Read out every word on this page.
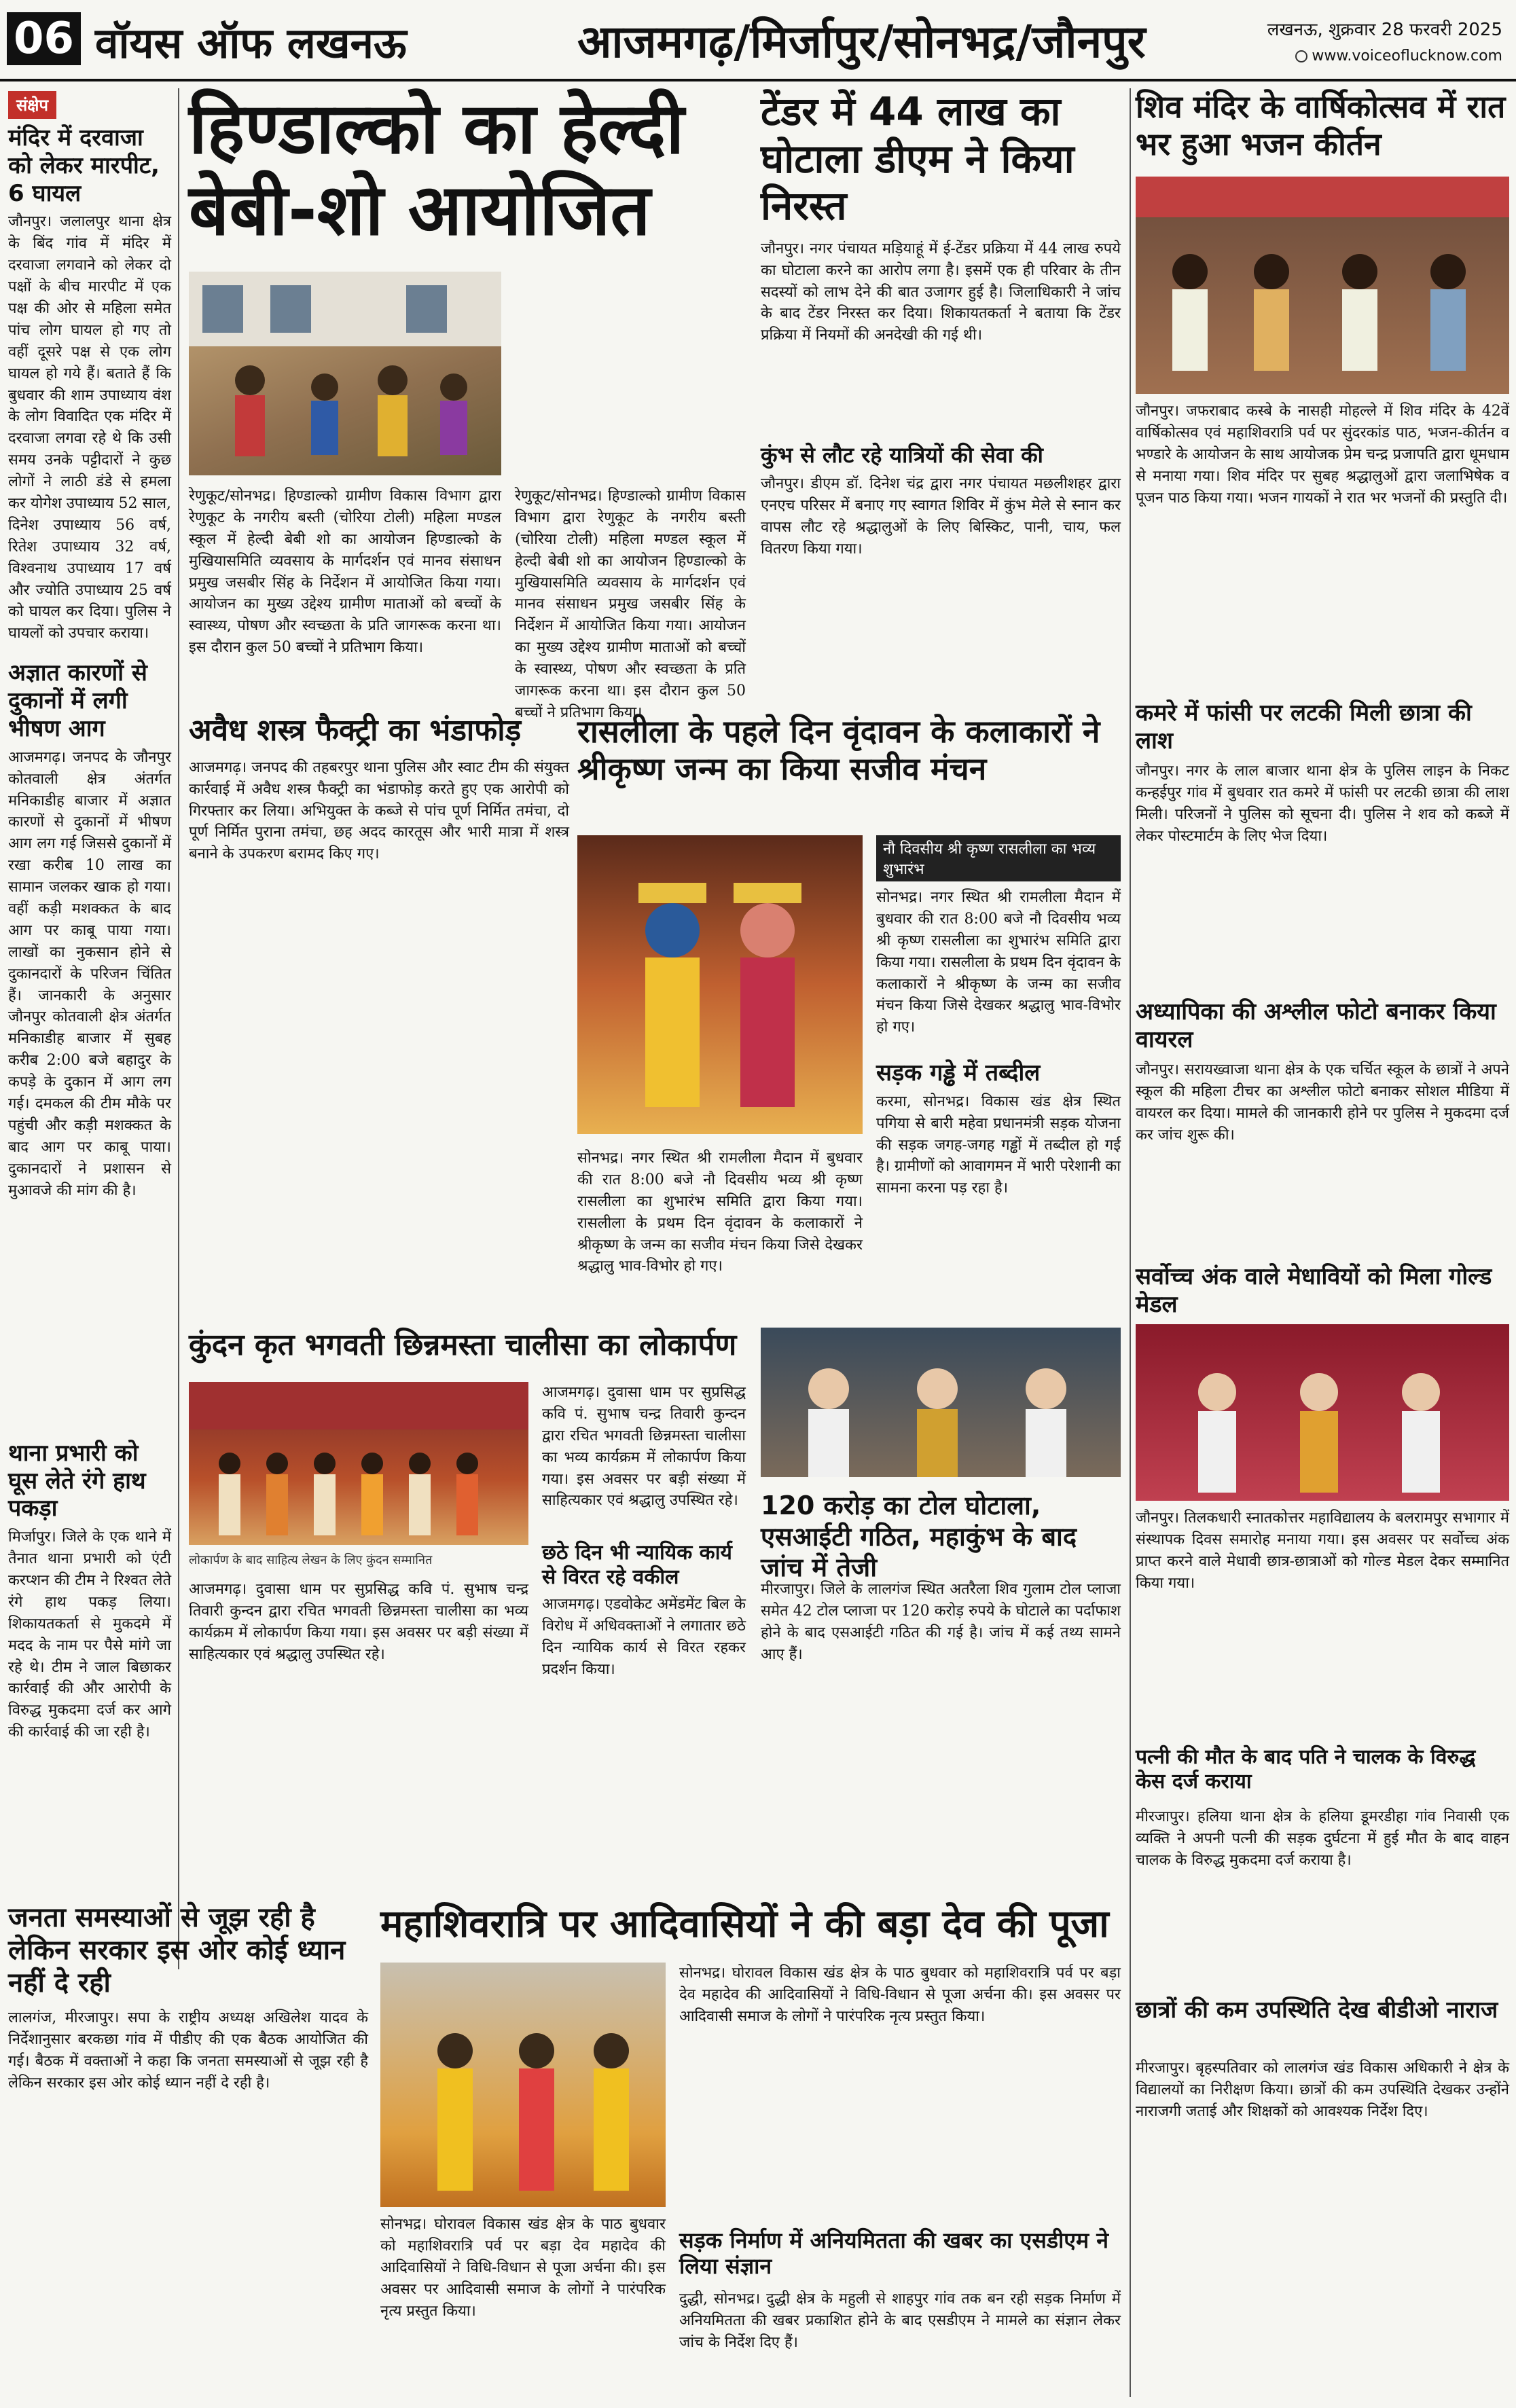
06 वॉयस ऑफ लखनऊ	आजमगढ़/मिर्जापुर/सोनभद्र/जौनपुर	लखनऊ, शुक्रवार 28 फरवरी 2025
www.voiceoflucknow.com
संक्षेप
मंदिर में दरवाजा को लेकर मारपीट, 6 घायल
जौनपुर। जलालपुर थाना क्षेत्र के बिंद गांव में मंदिर में दरवाजा लगवाने को लेकर दो पक्षों के बीच मारपीट में एक पक्ष की ओर से महिला समेत पांच लोग घायल हो गए तो वहीं दूसरे पक्ष से एक लोग घायल हो गये हैं। बताते हैं कि बुधवार की शाम उपाध्याय वंश के लोग विवादित एक मंदिर में दरवाजा लगवा रहे थे कि उसी समय उनके पट्टीदारों ने कुछ लोगों ने लाठी डंडे से हमला कर योगेश उपाध्याय 52 साल, दिनेश उपाध्याय 56 वर्ष, रितेश उपाध्याय 32 वर्ष, विश्वनाथ उपाध्याय 17 वर्ष और ज्योति उपाध्याय 25 वर्ष को घायल कर दिया। पुलिस ने घायलों को उपचार कराया।
अज्ञात कारणों से दुकानों में लगी भीषण आग
आजमगढ़। जनपद के जौनपुर कोतवाली क्षेत्र अंतर्गत मनिकाडीह बाजार में अज्ञात कारणों से दुकानों में भीषण आग लग गई जिससे दुकानों में रखा करीब 10 लाख का सामान जलकर खाक हो गया। वहीं कड़ी मशक्कत के बाद आग पर काबू पाया गया। लाखों का नुकसान होने से दुकानदारों के परिजन चिंतित हैं। जानकारी के अनुसार जौनपुर कोतवाली क्षेत्र अंतर्गत मनिकाडीह बाजार में सुबह करीब 2:00 बजे बहादुर के कपड़े के दुकान में आग लग गई। दमकल की टीम मौके पर पहुंची और कड़ी मशक्कत के बाद आग पर काबू पाया। दुकानदारों ने प्रशासन से मुआवजे की मांग की है।
थाना प्रभारी को घूस लेते रंगे हाथ पकड़ा
मिर्जापुर। जिले के एक थाने में तैनात थाना प्रभारी को एंटी करप्शन की टीम ने रिश्वत लेते रंगे हाथ पकड़ लिया। शिकायतकर्ता से मुकदमे में मदद के नाम पर पैसे मांगे जा रहे थे। टीम ने जाल बिछाकर कार्रवाई की और आरोपी के विरुद्ध मुकदमा दर्ज कर आगे की कार्रवाई की जा रही है।
हिण्डाल्को का हेल्दी बेबी-शो आयोजित
रेणुकूट/सोनभद्र। हिण्डाल्को ग्रामीण विकास विभाग द्वारा रेणुकूट के नगरीय बस्ती (चोरिया टोली) महिला मण्डल स्कूल में हेल्दी बेबी शो का आयोजन हिण्डाल्को के मुखियासमिति व्यवसाय के मार्गदर्शन एवं मानव संसाधन प्रमुख जसबीर सिंह के निर्देशन में आयोजित किया गया। आयोजन का मुख्य उद्देश्य ग्रामीण माताओं को बच्चों के स्वास्थ्य, पोषण और स्वच्छता के प्रति जागरूक करना था। इस दौरान कुल 50 बच्चों ने प्रतिभाग किया।
रेणुकूट/सोनभद्र। हिण्डाल्को ग्रामीण विकास विभाग द्वारा रेणुकूट के नगरीय बस्ती (चोरिया टोली) महिला मण्डल स्कूल में हेल्दी बेबी शो का आयोजन हिण्डाल्को के मुखियासमिति व्यवसाय के मार्गदर्शन एवं मानव संसाधन प्रमुख जसबीर सिंह के निर्देशन में आयोजित किया गया। आयोजन का मुख्य उद्देश्य ग्रामीण माताओं को बच्चों के स्वास्थ्य, पोषण और स्वच्छता के प्रति जागरूक करना था। इस दौरान कुल 50 बच्चों ने प्रतिभाग किया।
टेंडर में 44 लाख का घोटाला डीएम ने किया निरस्त
जौनपुर। नगर पंचायत मड़ियाहूं में ई-टेंडर प्रक्रिया में 44 लाख रुपये का घोटाला करने का आरोप लगा है। इसमें एक ही परिवार के तीन सदस्यों को लाभ देने की बात उजागर हुई है। जिलाधिकारी ने जांच के बाद टेंडर निरस्त कर दिया। शिकायतकर्ता ने बताया कि टेंडर प्रक्रिया में नियमों की अनदेखी की गई थी।
कुंभ से लौट रहे यात्रियों की सेवा की
जौनपुर। डीएम डॉ. दिनेश चंद्र द्वारा नगर पंचायत मछलीशहर द्वारा एनएच परिसर में बनाए गए स्वागत शिविर में कुंभ मेले से स्नान कर वापस लौट रहे श्रद्धालुओं के लिए बिस्किट, पानी, चाय, फल वितरण किया गया।
अवैध शस्त्र फैक्ट्री का भंडाफोड़
आजमगढ़। जनपद की तहबरपुर थाना पुलिस और स्वाट टीम की संयुक्त कार्रवाई में अवैध शस्त्र फैक्ट्री का भंडाफोड़ करते हुए एक आरोपी को गिरफ्तार कर लिया। अभियुक्त के कब्जे से पांच पूर्ण निर्मित तमंचा, दो पूर्ण निर्मित पुराना तमंचा, छह अदद कारतूस और भारी मात्रा में शस्त्र बनाने के उपकरण बरामद किए गए।
रासलीला के पहले दिन वृंदावन के कलाकारों ने श्रीकृष्ण जन्म का किया सजीव मंचन
नौ दिवसीय श्री कृष्ण रासलीला का भव्य शुभारंभ
सोनभद्र। नगर स्थित श्री रामलीला मैदान में बुधवार की रात 8:00 बजे नौ दिवसीय भव्य श्री कृष्ण रासलीला का शुभारंभ समिति द्वारा किया गया। रासलीला के प्रथम दिन वृंदावन के कलाकारों ने श्रीकृष्ण के जन्म का सजीव मंचन किया जिसे देखकर श्रद्धालु भाव-विभोर हो गए।
सड़क गड्ढे में तब्दील
करमा, सोनभद्र। विकास खंड क्षेत्र स्थित पगिया से बारी महेवा प्रधानमंत्री सड़क योजना की सड़क जगह-जगह गड्ढों में तब्दील हो गई है। ग्रामीणों को आवागमन में भारी परेशानी का सामना करना पड़ रहा है।
सोनभद्र। नगर स्थित श्री रामलीला मैदान में बुधवार की रात 8:00 बजे नौ दिवसीय भव्य श्री कृष्ण रासलीला का शुभारंभ समिति द्वारा किया गया। रासलीला के प्रथम दिन वृंदावन के कलाकारों ने श्रीकृष्ण के जन्म का सजीव मंचन किया जिसे देखकर श्रद्धालु भाव-विभोर हो गए।
कुंदन कृत भगवती छिन्नमस्ता चालीसा का लोकार्पण
लोकार्पण के बाद साहित्य लेखन के लिए कुंदन सम्मानित
आजमगढ़। दुवासा धाम पर सुप्रसिद्ध कवि पं. सुभाष चन्द्र तिवारी कुन्दन द्वारा रचित भगवती छिन्नमस्ता चालीसा का भव्य कार्यक्रम में लोकार्पण किया गया। इस अवसर पर बड़ी संख्या में साहित्यकार एवं श्रद्धालु उपस्थित रहे।
आजमगढ़। दुवासा धाम पर सुप्रसिद्ध कवि पं. सुभाष चन्द्र तिवारी कुन्दन द्वारा रचित भगवती छिन्नमस्ता चालीसा का भव्य कार्यक्रम में लोकार्पण किया गया। इस अवसर पर बड़ी संख्या में साहित्यकार एवं श्रद्धालु उपस्थित रहे।
छठे दिन भी न्यायिक कार्य से विरत रहे वकील
आजमगढ़। एडवोकेट अमेंडमेंट बिल के विरोध में अधिवक्ताओं ने लगातार छठे दिन न्यायिक कार्य से विरत रहकर प्रदर्शन किया।
120 करोड़ का टोल घोटाला, एसआईटी गठित, महाकुंभ के बाद जांच में तेजी
मीरजापुर। जिले के लालगंज स्थित अतरैला शिव गुलाम टोल प्लाजा समेत 42 टोल प्लाजा पर 120 करोड़ रुपये के घोटाले का पर्दाफाश होने के बाद एसआईटी गठित की गई है। जांच में कई तथ्य सामने आए हैं।
शिव मंदिर के वार्षिकोत्सव में रात भर हुआ भजन कीर्तन
जौनपुर। जफराबाद कस्बे के नासही मोहल्ले में शिव मंदिर के 42वें वार्षिकोत्सव एवं महाशिवरात्रि पर्व पर सुंदरकांड पाठ, भजन-कीर्तन व भण्डारे के आयोजन के साथ आयोजक प्रेम चन्द्र प्रजापति द्वारा धूमधाम से मनाया गया। शिव मंदिर पर सुबह श्रद्धालुओं द्वारा जलाभिषेक व पूजन पाठ किया गया। भजन गायकों ने रात भर भजनों की प्रस्तुति दी।
कमरे में फांसी पर लटकी मिली छात्रा की लाश
जौनपुर। नगर के लाल बाजार थाना क्षेत्र के पुलिस लाइन के निकट कन्हईपुर गांव में बुधवार रात कमरे में फांसी पर लटकी छात्रा की लाश मिली। परिजनों ने पुलिस को सूचना दी। पुलिस ने शव को कब्जे में लेकर पोस्टमार्टम के लिए भेज दिया।
अध्यापिका की अश्लील फोटो बनाकर किया वायरल
जौनपुर। सरायख्वाजा थाना क्षेत्र के एक चर्चित स्कूल के छात्रों ने अपने स्कूल की महिला टीचर का अश्लील फोटो बनाकर सोशल मीडिया में वायरल कर दिया। मामले की जानकारी होने पर पुलिस ने मुकदमा दर्ज कर जांच शुरू की।
सर्वोच्च अंक वाले मेधावियों को मिला गोल्ड मेडल
जौनपुर। तिलकधारी स्नातकोत्तर महाविद्यालय के बलरामपुर सभागार में संस्थापक दिवस समारोह मनाया गया। इस अवसर पर सर्वोच्च अंक प्राप्त करने वाले मेधावी छात्र-छात्राओं को गोल्ड मेडल देकर सम्मानित किया गया।
पत्नी की मौत के बाद पति ने चालक के विरुद्ध केस दर्ज कराया
मीरजापुर। हलिया थाना क्षेत्र के हलिया डूमरडीहा गांव निवासी एक व्यक्ति ने अपनी पत्नी की सड़क दुर्घटना में हुई मौत के बाद वाहन चालक के विरुद्ध मुकदमा दर्ज कराया है।
छात्रों की कम उपस्थिति देख बीडीओ नाराज
मीरजापुर। बृहस्पतिवार को लालगंज खंड विकास अधिकारी ने क्षेत्र के विद्यालयों का निरीक्षण किया। छात्रों की कम उपस्थिति देखकर उन्होंने नाराजगी जताई और शिक्षकों को आवश्यक निर्देश दिए।
जनता समस्याओं से जूझ रही है लेकिन सरकार इस ओर कोई ध्यान नहीं दे रही
लालगंज, मीरजापुर। सपा के राष्ट्रीय अध्यक्ष अखिलेश यादव के निर्देशानुसार बरकछा गांव में पीडीए की एक बैठक आयोजित की गई। बैठक में वक्ताओं ने कहा कि जनता समस्याओं से जूझ रही है लेकिन सरकार इस ओर कोई ध्यान नहीं दे रही है।
महाशिवरात्रि पर आदिवासियों ने की बड़ा देव की पूजा
सोनभद्र। घोरावल विकास खंड क्षेत्र के पाठ बुधवार को महाशिवरात्रि पर्व पर बड़ा देव महादेव की आदिवासियों ने विधि-विधान से पूजा अर्चना की। इस अवसर पर आदिवासी समाज के लोगों ने पारंपरिक नृत्य प्रस्तुत किया।
सोनभद्र। घोरावल विकास खंड क्षेत्र के पाठ बुधवार को महाशिवरात्रि पर्व पर बड़ा देव महादेव की आदिवासियों ने विधि-विधान से पूजा अर्चना की। इस अवसर पर आदिवासी समाज के लोगों ने पारंपरिक नृत्य प्रस्तुत किया।
सड़क निर्माण में अनियमितता की खबर का एसडीएम ने लिया संज्ञान
दुद्धी, सोनभद्र। दुद्धी क्षेत्र के महुली से शाहपुर गांव तक बन रही सड़क निर्माण में अनियमितता की खबर प्रकाशित होने के बाद एसडीएम ने मामले का संज्ञान लेकर जांच के निर्देश दिए हैं।
